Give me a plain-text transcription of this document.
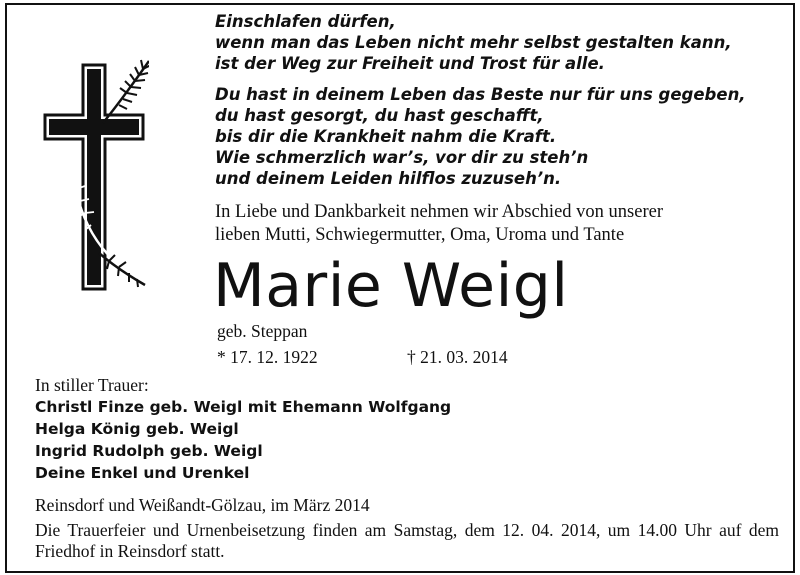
Einschlafen dürfen,
wenn man das Leben nicht mehr selbst gestalten kann,
ist der Weg zur Freiheit und Trost für alle.

Du hast in deinem Leben das Beste nur für uns gegeben,
du hast gesorgt, du hast geschafft,
bis dir die Krankheit nahm die Kraft.
Wie schmerzlich war’s, vor dir zu steh’n
und deinem Leiden hilflos zuzuseh’n.

In Liebe und Dankbarkeit nehmen wir Abschied von unserer
lieben Mutti, Schwiegermutter, Oma, Uroma und Tante
Marie Weigl
geb. Steppan
* 17. 12. 1922	† 21. 03. 2014
In stiller Trauer:
Christl Finze geb. Weigl mit Ehemann Wolfgang
Helga König geb. Weigl
Ingrid Rudolph geb. Weigl
Deine Enkel und Urenkel
Reinsdorf und Weißandt-Gölzau, im März 2014
Die Trauerfeier und Urnenbeisetzung finden am Samstag, dem 12. 04. 2014, um 14.00 Uhr auf dem Friedhof in Reinsdorf statt.
